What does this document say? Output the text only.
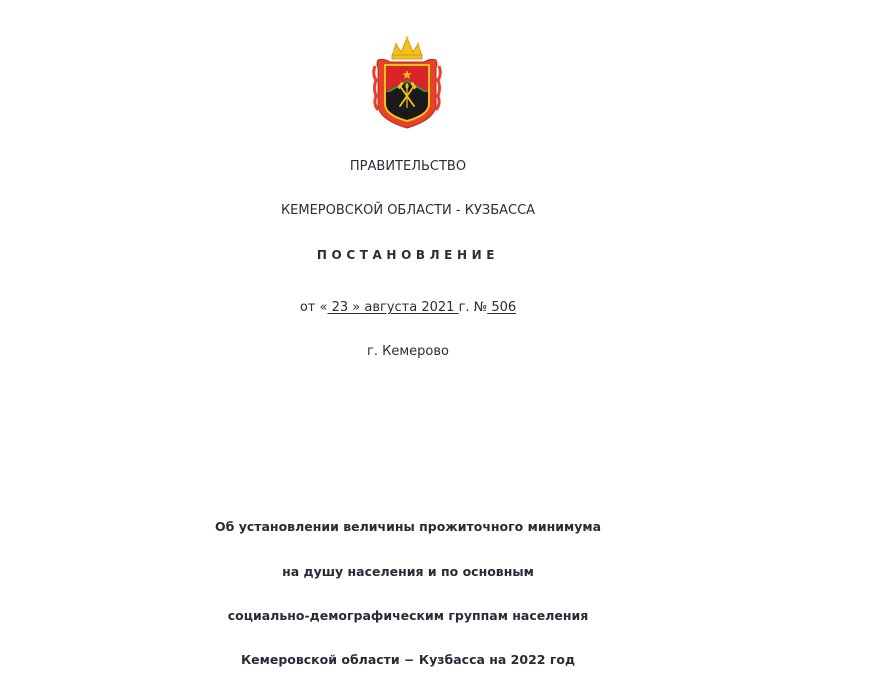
ПРАВИТЕЛЬСТВО
КЕМЕРОВСКОЙ ОБЛАСТИ - КУЗБАССА
ПОСТАНОВЛЕНИЕ
от « 23 » августа 2021 г. № 506
г. Кемерово
Об установлении величины прожиточного минимума
на душу населения и по основным
социально-демографическим группам населения
Кемеровской области − Кузбасса на 2022 год
